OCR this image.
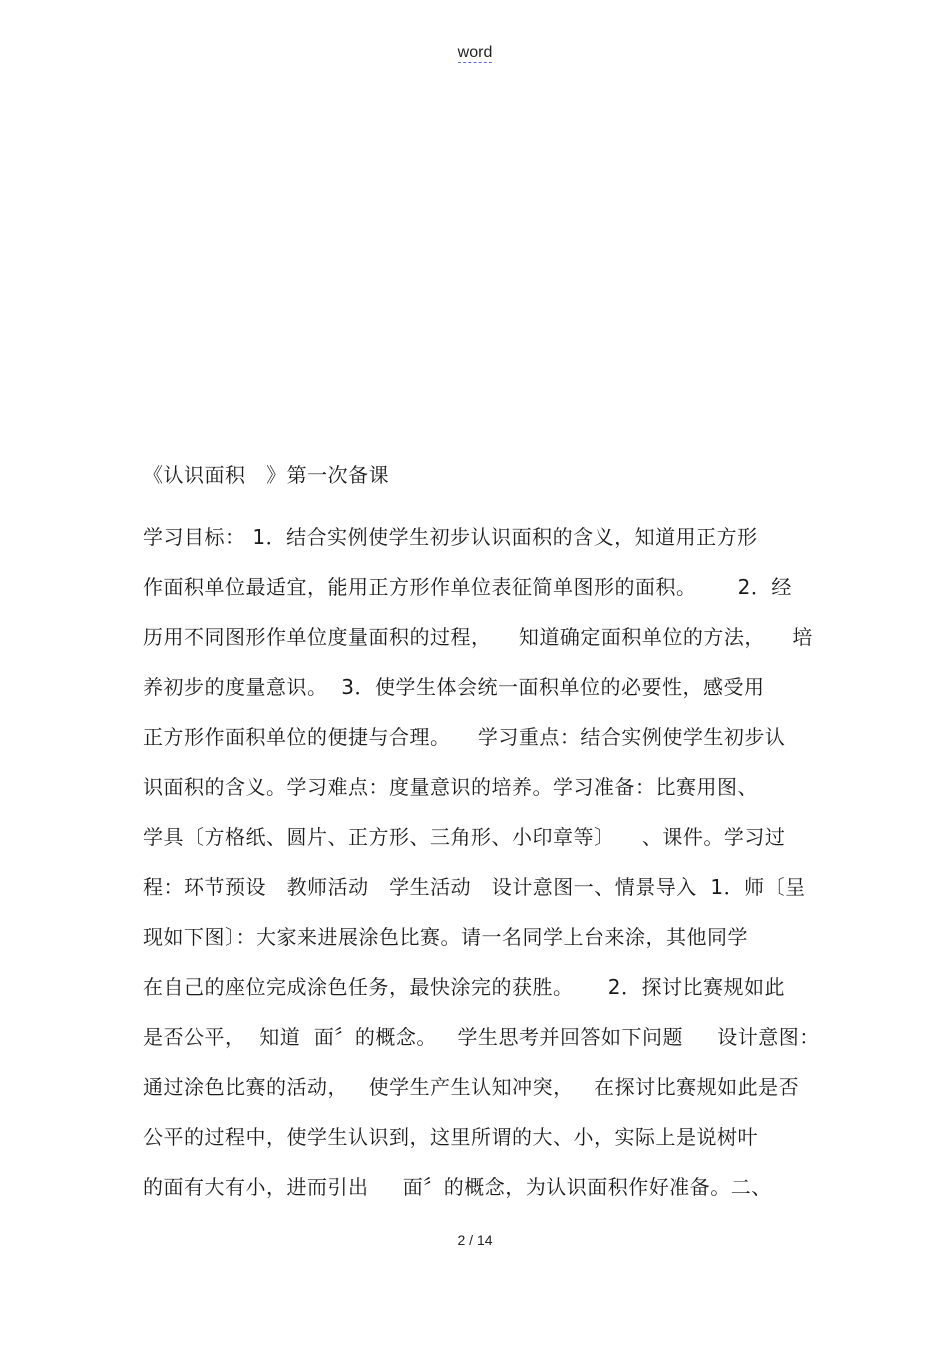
word
《认识面积   》第一次备课
学习目标： 1．结合实例使学生初步认识面积的含义，知道用正方形
作面积单位最适宜，能用正方形作单位表征简单图形的面积。      2．经
历用不同图形作单位度量面积的过程，    知道确定面积单位的方法，    培
养初步的度量意识。  3．使学生体会统一面积单位的必要性，感受用
正方形作面积单位的便捷与合理。    学习重点：结合实例使学生初步认
识面积的含义。学习难点：度量意识的培养。学习准备：比赛用图、
学具〔方格纸、圆片、正方形、三角形、小印章等〕    、课件。学习过
程：环节预设   教师活动   学生活动   设计意图一、情景导入  1．师〔呈
现如下图〕：大家来进展涂色比赛。请一名同学上台来涂，其他同学
在自己的座位完成涂色任务，最快涂完的获胜。     2．探讨比赛规如此
是否公平，  知道  面〞的概念。   学生思考并回答如下问题     设计意图：
通过涂色比赛的活动，   使学生产生认知冲突，   在探讨比赛规如此是否
公平的过程中，使学生认识到，这里所谓的大、小，实际上是说树叶
的面有大有小，进而引出     面〞的概念，为认识面积作好准备。二、
2 / 14
